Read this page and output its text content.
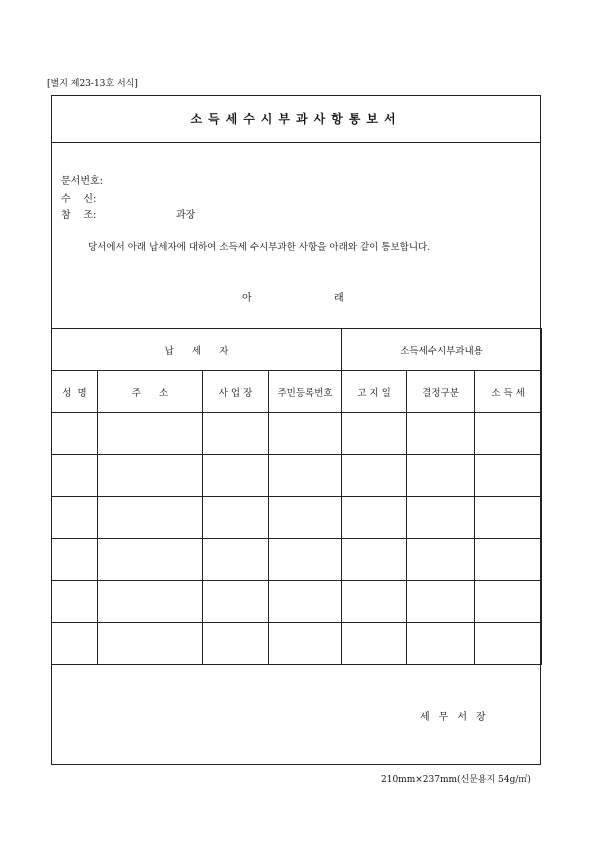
[별지 제23-13호 서식]
소득세수시부과사항통보서
문서번호:
수    신:
참    조:	과장
당서에서 아래 납세자에 대하여 소득세 수시부과한 사항을 아래와 같이 통보합니다.
아	래
납      세      자				소득세수시부과내용		
성  명	주      소	사 업 장	주민등록번호	고 지 일	결정구분	소 득 세

세무서장
210mm×237mm(신문용지 54g/㎡)
